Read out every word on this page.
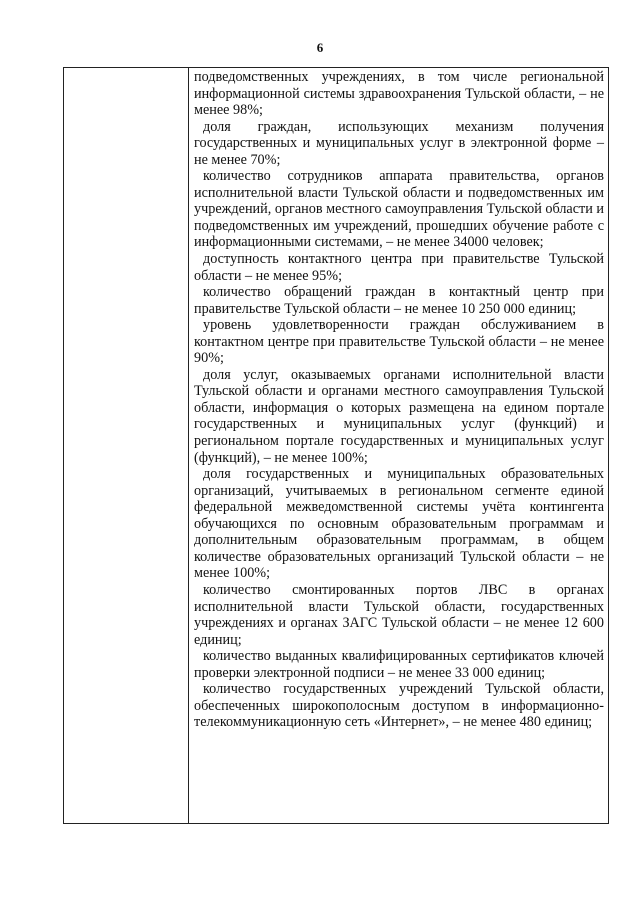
6

подведомственных учреждениях, в том числе региональной информационной системы здравоохранения Тульской области, – не менее 98%;

доля граждан, использующих механизм получения государственных и муниципальных услуг в электронной форме – не менее 70%;

количество сотрудников аппарата правительства, органов исполнительной власти Тульской области и подведомственных им учреждений, органов местного самоуправления Тульской области и подведомственных им учреждений, прошедших обучение работе с информационными системами, – не менее 34000 человек;

доступность контактного центра при правительстве Тульской области – не менее 95%;

количество обращений граждан в контактный центр при правительстве Тульской области – не менее 10 250 000 единиц;

уровень удовлетворенности граждан обслуживанием в контактном центре при правительстве Тульской области – не менее 90%;

доля услуг, оказываемых органами исполнительной власти Тульской области и органами местного самоуправления Тульской области, информация о которых размещена на едином портале государственных и муниципальных услуг (функций) и региональном портале государственных и муниципальных услуг (функций), – не менее 100%;

доля государственных и муниципальных образовательных организаций, учитываемых в региональном сегменте единой федеральной межведомственной системы учёта контингента обучающихся по основным образовательным программам и дополнительным образовательным программам, в общем количестве образовательных организаций Тульской области – не менее 100%;

количество смонтированных портов ЛВС в органах исполнительной власти Тульской области, государственных учреждениях и органах ЗАГС Тульской области – не менее 12 600 единиц;

количество выданных квалифицированных сертификатов ключей проверки электронной подписи – не менее 33 000 единиц;

количество государственных учреждений Тульской области, обеспеченных широкополосным доступом в информационно-телекоммуникационную сеть «Интернет», – не менее 480 единиц;
